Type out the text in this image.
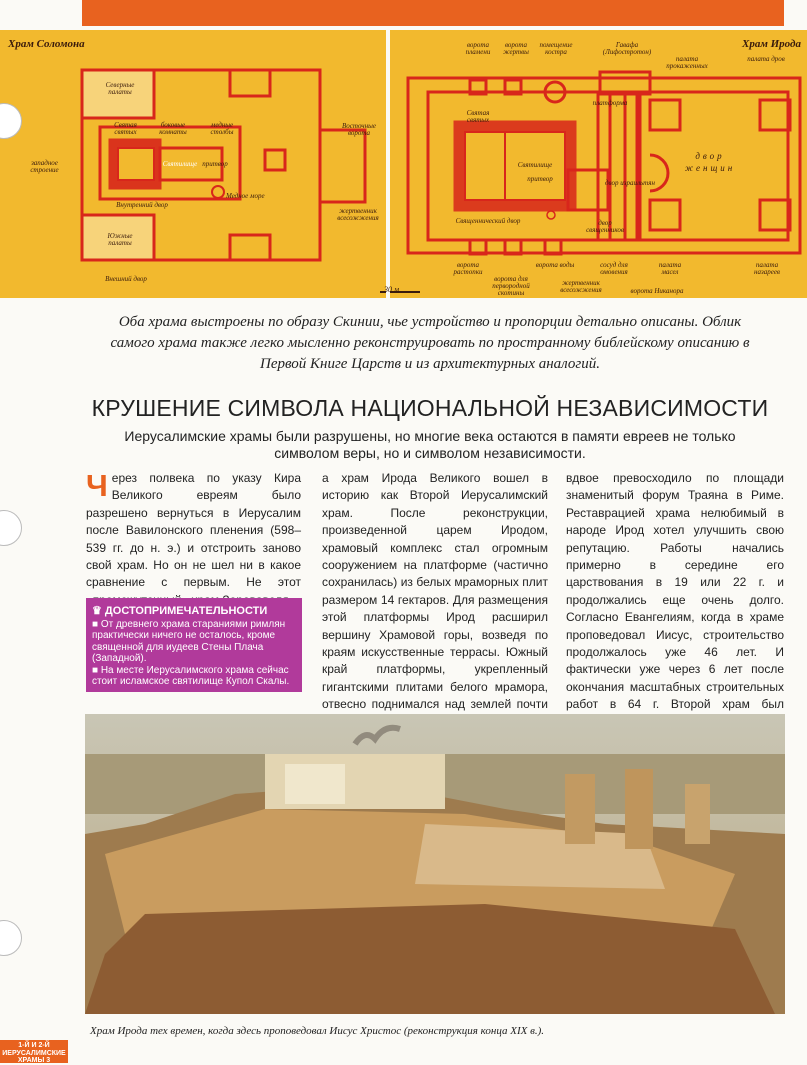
Храм Соломона
Северные палаты
Святая святых
боковые комнаты
медные столбы
Восточные ворота
западное строение
Святилище притвор
Медное море
Внутренний двор
жертвенник всесожжения
Южные палаты
Внешний двор
Храм Ирода
ворота пламени
ворота жертвы
помещение костра
Гавафа (Лифостротон)
палата прокаженных
палата дров
Святая святых
Святилище
притвор
платформа
двор священников
двор израильтян
двор женщин
Священнический двор
ворота растопки
ворота воды	сосуд для омовения
палата масел
палата назареев
ворота для первородной скотины
жертвенник всесожжения	ворота Никанора
30 м
Оба храма выстроены по образу Скинии, чье устройство и пропорции детально описаны. Облик самого храма также легко мысленно реконструировать по пространному библейскому описанию в Первой Книге Царств и из архитектурных аналогий.
КРУШЕНИЕ СИМВОЛА НАЦИОНАЛЬНОЙ НЕЗАВИСИМОСТИ
Иерусалимские храмы были разрушены, но многие века остаются в памяти евреев не только символом веры, но и символом независимости.

Через полвека по указу Кира Великого евреям было разрешено вернуться в Иерусалим после Вавилонского пленения (598–539 гг. до н. э.) и отстроить заново свой храм. Но он не шел ни в какое сравнение с первым. Не этот

а храм Ирода Великого вошел в историю как Второй Иерусалимский храм. После реконструкции, произведенной царем Иродом, храмовый комплекс стал огромным сооружением на платформе (частично сохранилась) из белых мраморных плит размером 14 гектаров. Для размещения этой платформы Ирод расширил вершину Храмовой горы, возведя по краям искусственные террасы. Южный край платформы, укрепленный гигантскими плитами белого мрамора, отвесно поднимался над землей почти

вдвое превосходило по площади знаменитый форум Траяна в Риме. Реставрацией храма нелюбимый в народе Ирод хотел улучшить свою репутацию. Работы начались примерно в середине его царствования в 19 или 22 г. и продолжались еще очень долго. Согласно Евангелиям, когда в храме проповедовал Иисус, строительство продолжалось уже 46 лет. И фактически уже через 6 лет после окончания масштабных строительных работ в 64 г. Второй храм был

♛ ДОСТОПРИМЕЧАТЕЛЬНОСТИ

■ От древнего храма стараниями римлян практически ничего не осталось, кроме священной для иудеев Стены Плача (Западной).

■ На месте Иерусалимского храма сейчас стоит исламское святилище Купол Скалы.

Храм Ирода тех времен, когда здесь проповедовал Иисус Христос (реконструкция конца XIX в.).
1-Й И 2-Й
ИЕРУСАЛИМСКИЕ
ХРАМЫ 3
